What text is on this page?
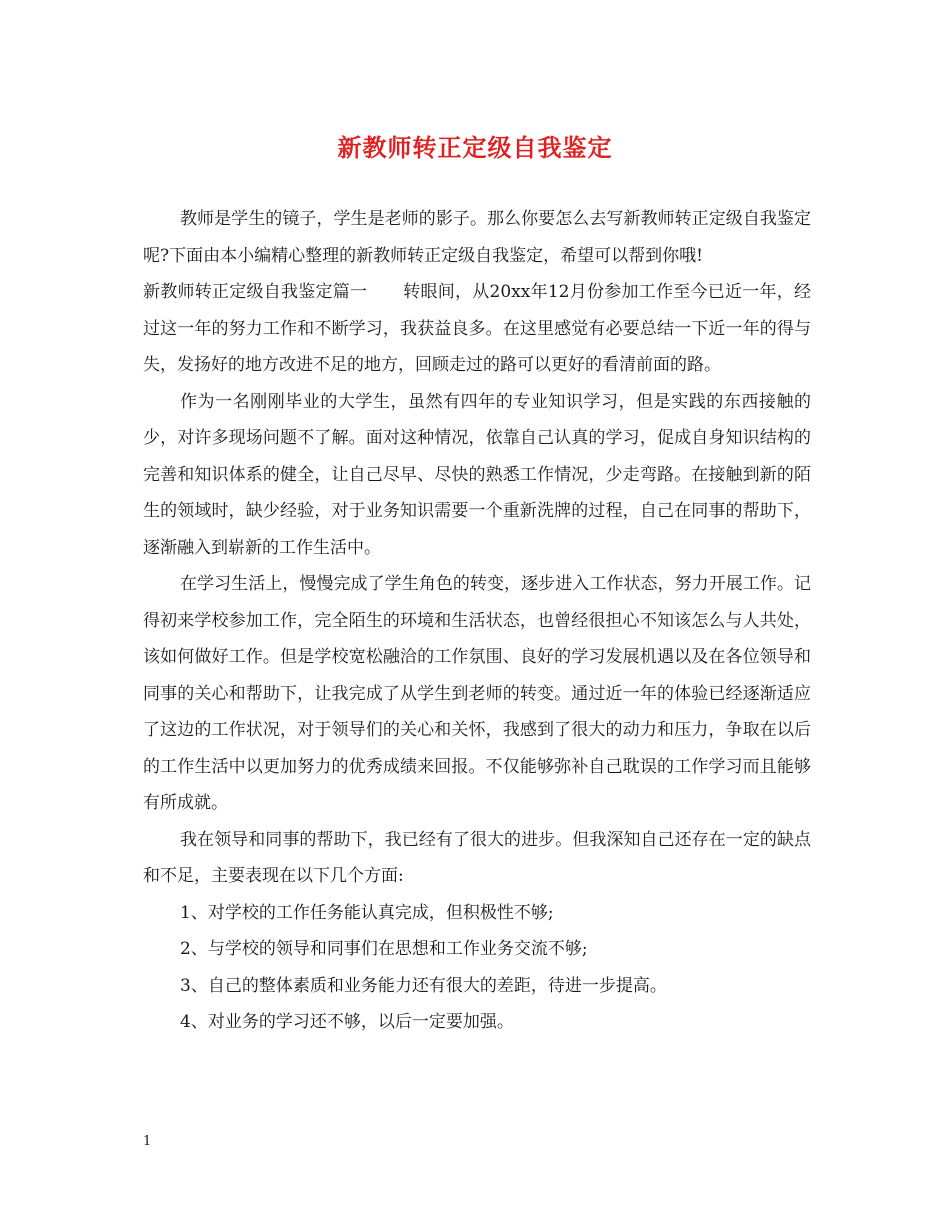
新教师转正定级自我鉴定

教师是学生的镜子，学生是老师的影子。那么你要怎么去写新教师转正定级自我鉴定呢?下面由本小编精心整理的新教师转正定级自我鉴定，希望可以帮到你哦!

新教师转正定级自我鉴定篇一 转眼间，从20xx年12月份参加工作至今已近一年，经过这一年的努力工作和不断学习，我获益良多。在这里感觉有必要总结一下近一年的得与失，发扬好的地方改进不足的地方，回顾走过的路可以更好的看清前面的路。

作为一名刚刚毕业的大学生，虽然有四年的专业知识学习，但是实践的东西接触的少，对许多现场问题不了解。面对这种情况，依靠自己认真的学习，促成自身知识结构的完善和知识体系的健全，让自己尽早、尽快的熟悉工作情况，少走弯路。在接触到新的陌生的领域时，缺少经验，对于业务知识需要一个重新洗牌的过程，自己在同事的帮助下，逐渐融入到崭新的工作生活中。

在学习生活上，慢慢完成了学生角色的转变，逐步进入工作状态，努力开展工作。记得初来学校参加工作，完全陌生的环境和生活状态，也曾经很担心不知该怎么与人共处，该如何做好工作。但是学校宽松融洽的工作氛围、良好的学习发展机遇以及在各位领导和同事的关心和帮助下，让我完成了从学生到老师的转变。通过近一年的体验已经逐渐适应了这边的工作状况，对于领导们的关心和关怀，我感到了很大的动力和压力，争取在以后的工作生活中以更加努力的优秀成绩来回报。不仅能够弥补自己耽误的工作学习而且能够有所成就。

我在领导和同事的帮助下，我已经有了很大的进步。但我深知自己还存在一定的缺点和不足，主要表现在以下几个方面:

1、对学校的工作任务能认真完成，但积极性不够;

2、与学校的领导和同事们在思想和工作业务交流不够;

3、自己的整体素质和业务能力还有很大的差距，待进一步提高。

4、对业务的学习还不够，以后一定要加强。

1
